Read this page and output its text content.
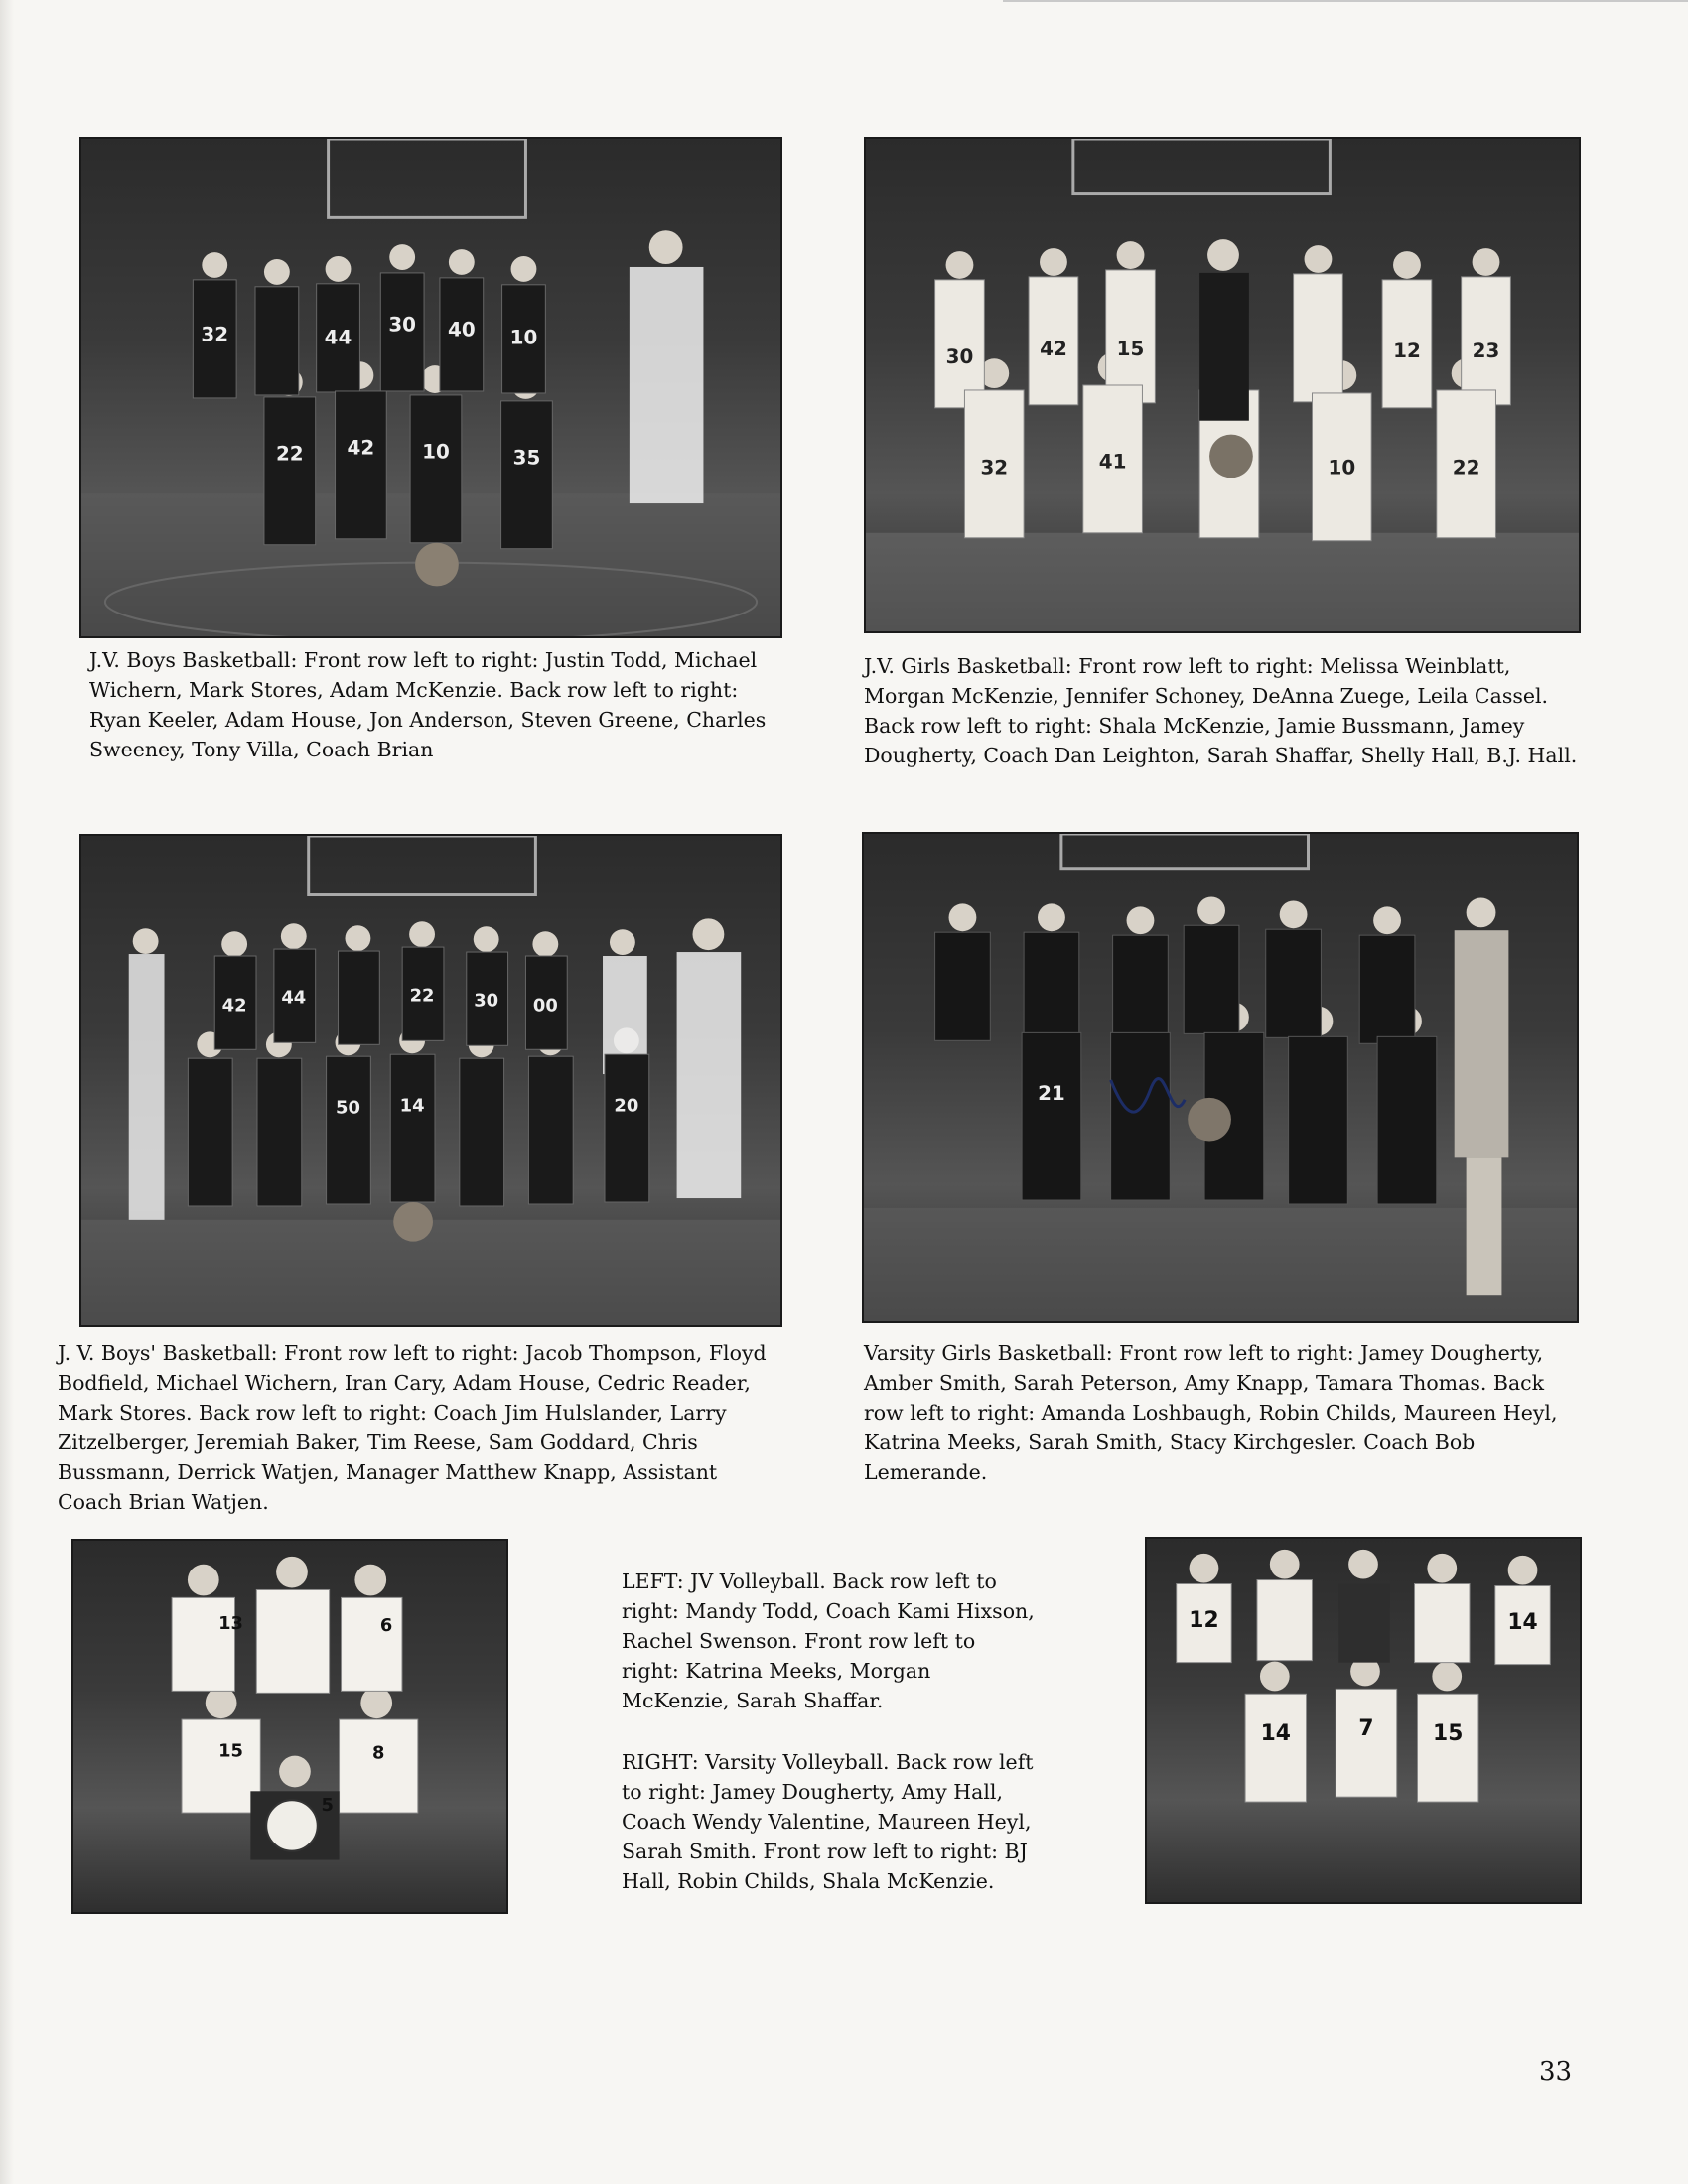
32	44
30 40 10
22 42 10	35

J.V. Boys Basketball: Front row left to right: Justin Todd, Michael Wichern, Mark Stores, Adam McKenzie. Back row left to right: Ryan Keeler, Adam House, Jon Anderson, Steven Greene, Charles Sweeney, Tony Villa, Coach Brian

30	42 15	12	23
32	41	10	22

J.V. Girls Basketball: Front row left to right: Melissa Weinblatt, Morgan McKenzie, Jennifer Schoney, DeAnna Zuege, Leila Cassel. Back row left to right: Shala McKenzie, Jamie Bussmann, Jamey Dougherty, Coach Dan Leighton, Sarah Shaffar, Shelly Hall, B.J. Hall.

42 44	22 30 00
50 14	20

J. V. Boys' Basketball: Front row left to right: Jacob Thompson, Floyd Bodfield, Michael Wichern, Iran Cary, Adam House, Cedric Reader, Mark Stores. Back row left to right: Coach Jim Hulslander, Larry Zitzelberger, Jeremiah Baker, Tim Reese, Sam Goddard, Chris Bussmann, Derrick Watjen, Manager Matthew Knapp, Assistant Coach Brian Watjen.

21

Varsity Girls Basketball: Front row left to right: Jamey Dougherty, Amber Smith, Sarah Peterson, Amy Knapp, Tamara Thomas. Back row left to right: Amanda Loshbaugh, Robin Childs, Maureen Heyl, Katrina Meeks, Sarah Smith, Stacy Kirchgesler. Coach Bob Lemerande.

13	6
15	8
5

LEFT: JV Volleyball. Back row left to right: Mandy Todd, Coach Kami Hixson, Rachel Swenson. Front row left to right: Katrina Meeks, Morgan McKenzie, Sarah Shaffar.

RIGHT: Varsity Volleyball. Back row left to right: Jamey Dougherty, Amy Hall, Coach Wendy Valentine, Maureen Heyl, Sarah Smith. Front row left to right: BJ Hall, Robin Childs, Shala McKenzie.

12
14	7	15
14
33
